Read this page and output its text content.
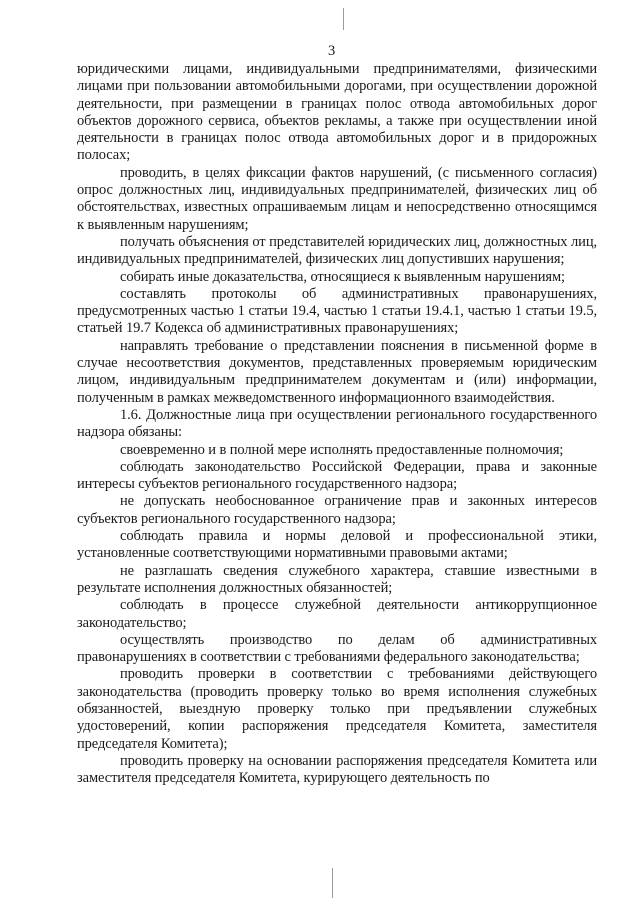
3

юридическими лицами, индивидуальными предпринимателями, физическими лицами при пользовании автомобильными дорогами, при осуществлении дорожной деятельности, при размещении в границах полос отвода автомобильных дорог объектов дорожного сервиса, объектов рекламы, а также при осуществлении иной деятельности в границах полос отвода автомобильных дорог и в придорожных полосах;

проводить, в целях фиксации фактов нарушений, (с письменного согласия) опрос должностных лиц, индивидуальных предпринимателей, физических лиц об обстоятельствах, известных опрашиваемым лицам и непосредственно относящимся к выявленным нарушениям;

получать объяснения от представителей юридических лиц, должностных лиц, индивидуальных предпринимателей, физических лиц допустивших нарушения;

собирать иные доказательства, относящиеся к выявленным нарушениям;

составлять протоколы об административных правонарушениях, предусмотренных частью 1 статьи 19.4, частью 1 статьи 19.4.1, частью 1 статьи 19.5, статьей 19.7 Кодекса об административных правонарушениях;

направлять требование о представлении пояснения в письменной форме в случае несоответствия документов, представленных проверяемым юридическим лицом, индивидуальным предпринимателем документам и (или) информации, полученным в рамках межведомственного информационного взаимодействия.

1.6. Должностные лица при осуществлении регионального государственного надзора обязаны:

своевременно и в полной мере исполнять предоставленные полномочия;

соблюдать законодательство Российской Федерации, права и законные интересы субъектов регионального государственного надзора;

не допускать необоснованное ограничение прав и законных интересов субъектов регионального государственного надзора;

соблюдать правила и нормы деловой и профессиональной этики, установленные соответствующими нормативными правовыми актами;

не разглашать сведения служебного характера, ставшие известными в результате исполнения должностных обязанностей;

соблюдать в процессе служебной деятельности антикоррупционное законодательство;

осуществлять производство по делам об административных правонарушениях в соответствии с требованиями федерального законодательства;

проводить проверки в соответствии с требованиями действующего законодательства (проводить проверку только во время исполнения служебных обязанностей, выездную проверку только при предъявлении служебных удостоверений, копии распоряжения председателя Комитета, заместителя председателя Комитета);

проводить проверку на основании распоряжения председателя Комитета или заместителя председателя Комитета, курирующего деятельность по
